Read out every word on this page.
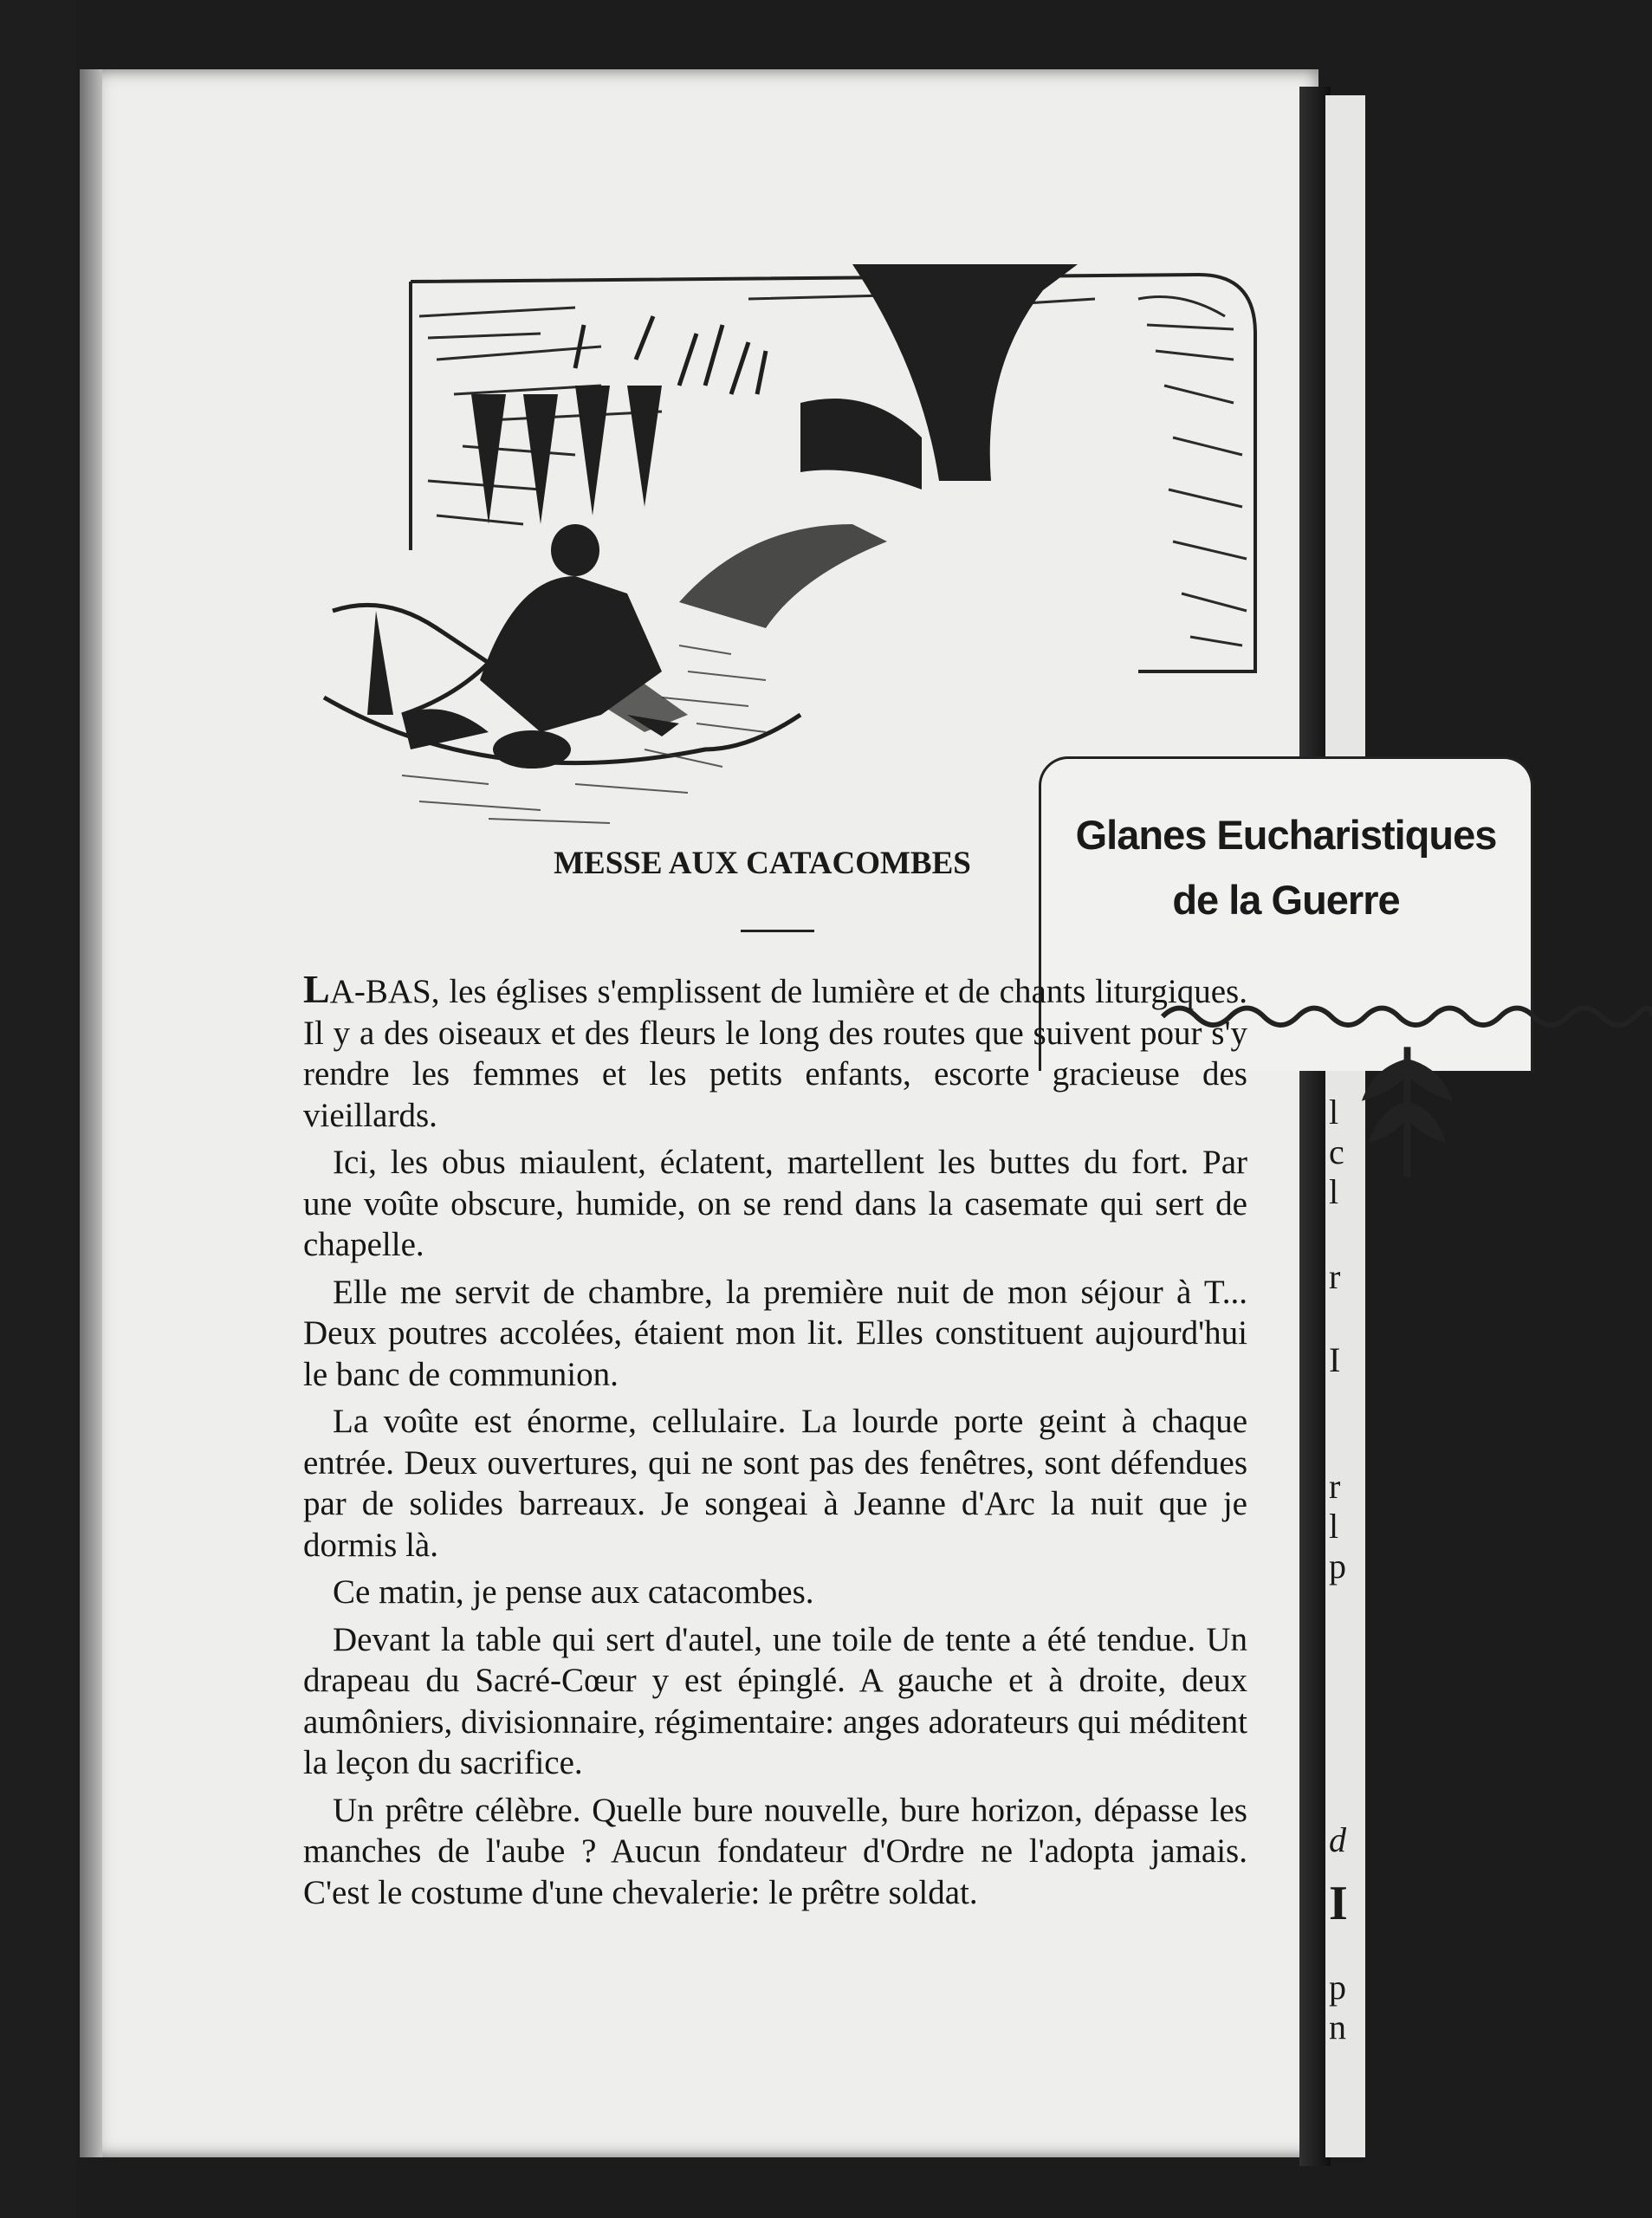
l
c
l
r
I
r
l
p
d
I
p
n
Glanes Eucharistiques
de la Guerre
MESSE AUX CATACOMBES

LA-BAS, les églises s'emplissent de lumière et de chants liturgiques. Il y a des oiseaux et des fleurs le long des routes que suivent pour s'y rendre les femmes et les petits enfants, escorte gracieuse des vieillards.

Ici, les obus miaulent, éclatent, martellent les buttes du fort. Par une voûte obscure, humide, on se rend dans la casemate qui sert de chapelle.

Elle me servit de chambre, la première nuit de mon séjour à T... Deux poutres accolées, étaient mon lit. Elles constituent aujourd'hui le banc de communion.

La voûte est énorme, cellulaire. La lourde porte geint à chaque entrée. Deux ouvertures, qui ne sont pas des fenêtres, sont défendues par de solides barreaux. Je songeai à Jeanne d'Arc la nuit que je dormis là.

Ce matin, je pense aux catacombes.

Devant la table qui sert d'autel, une toile de tente a été tendue. Un drapeau du Sacré-Cœur y est épinglé. A gauche et à droite, deux aumôniers, divisionnaire, régimentaire: anges adorateurs qui méditent la leçon du sacrifice.

Un prêtre célèbre. Quelle bure nouvelle, bure horizon, dépasse les manches de l'aube ? Aucun fondateur d'Ordre ne l'adopta jamais. C'est le costume d'une chevalerie: le prêtre soldat.
